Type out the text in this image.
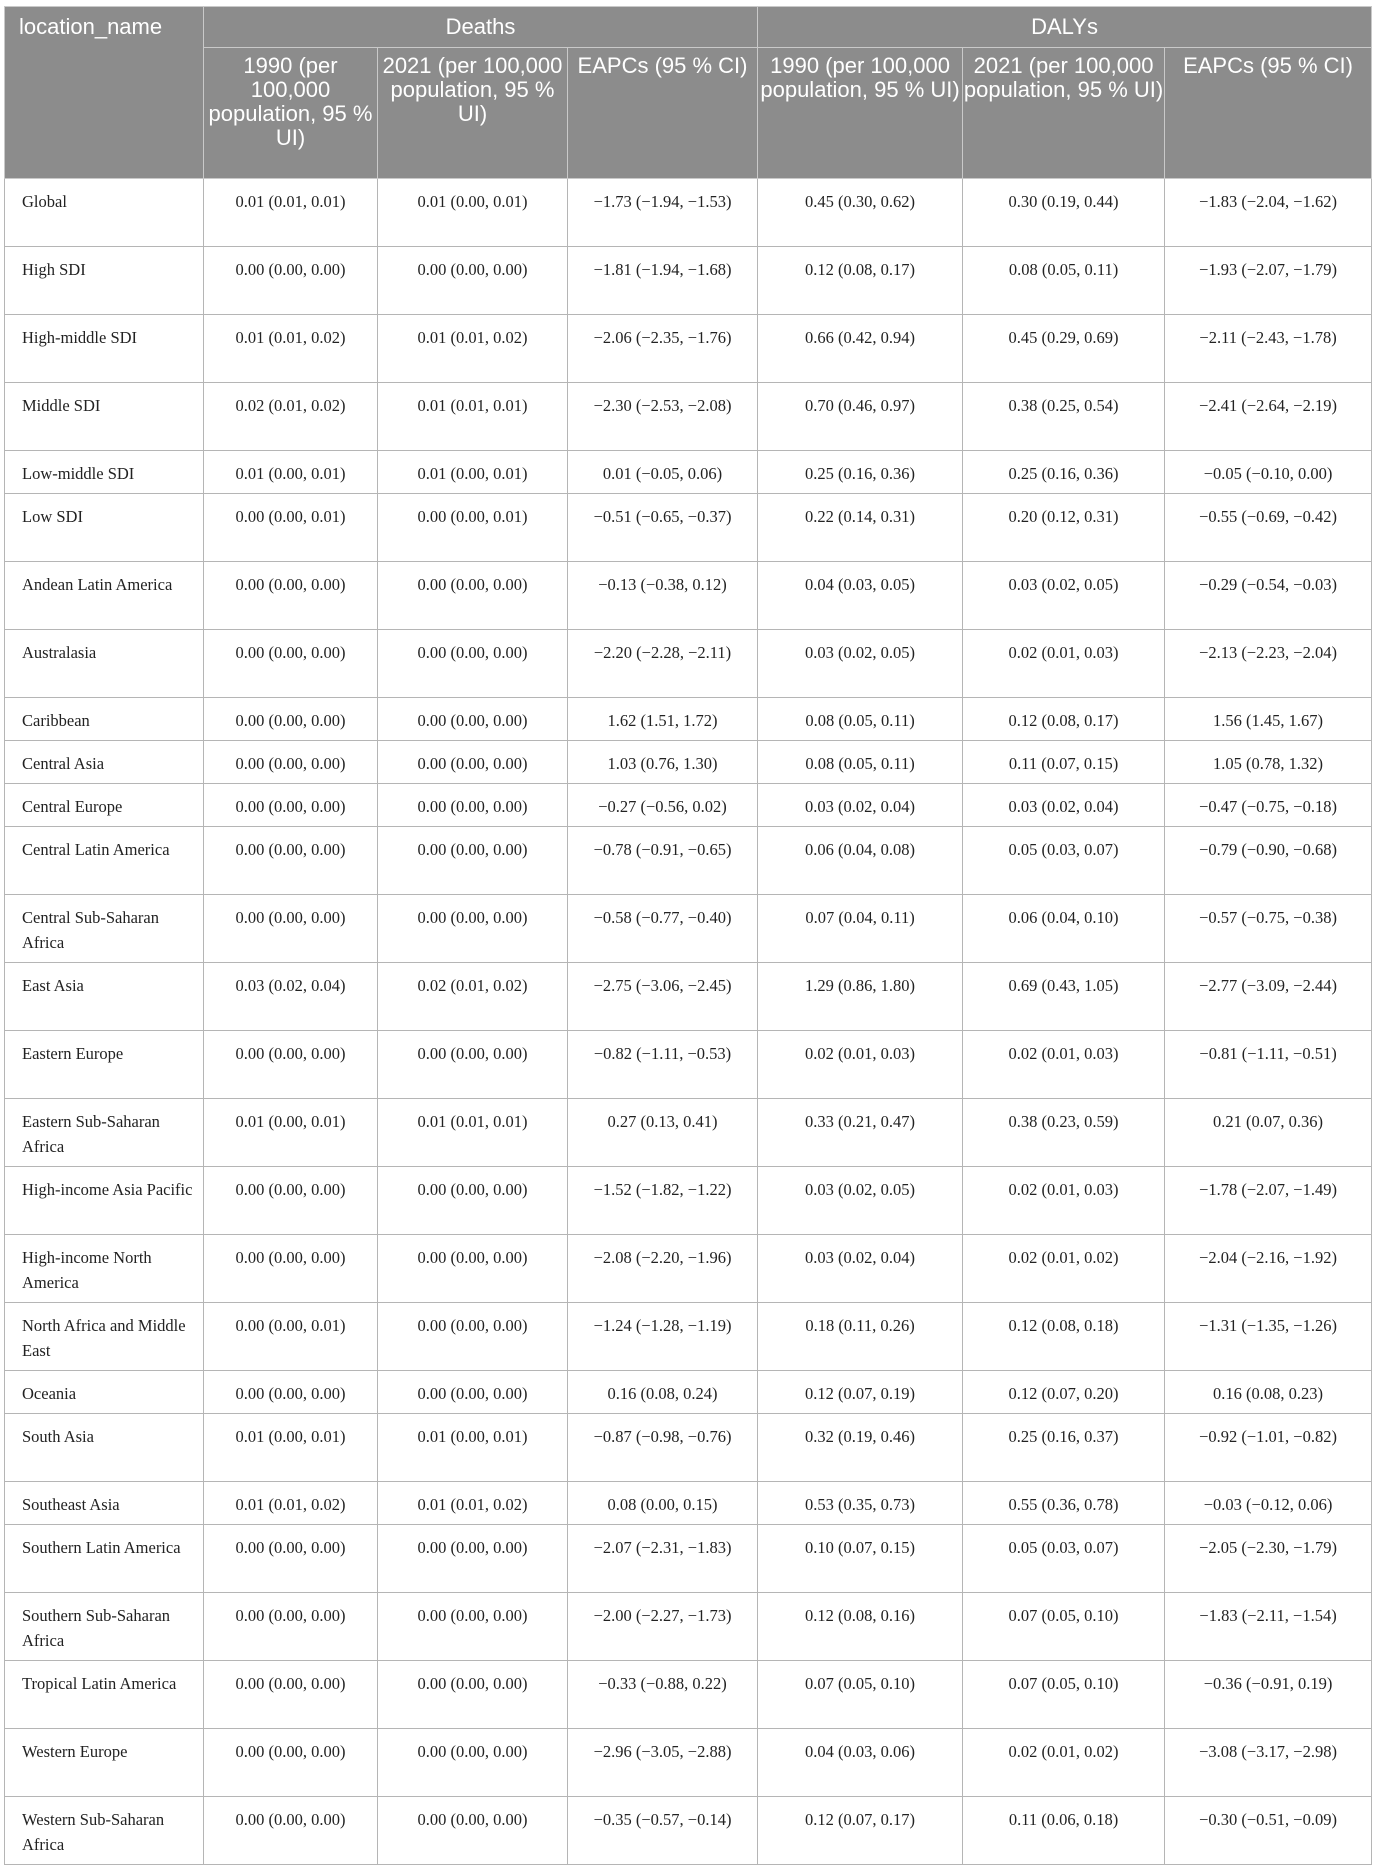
location_name	Deaths			DALYs		
	1990 (per 100,000 population, 95 % UI)	2021 (per 100,000 population, 95 % UI)	EAPCs (95 % CI)	1990 (per 100,000 population, 95 % UI)	2021 (per 100,000 population, 95 % UI)	EAPCs (95 % CI)
Global	0.01 (0.01, 0.01)	0.01 (0.00, 0.01)	−1.73 (−1.94, −1.53)	0.45 (0.30, 0.62)	0.30 (0.19, 0.44)	−1.83 (−2.04, −1.62)
High SDI	0.00 (0.00, 0.00)	0.00 (0.00, 0.00)	−1.81 (−1.94, −1.68)	0.12 (0.08, 0.17)	0.08 (0.05, 0.11)	−1.93 (−2.07, −1.79)
High-middle SDI	0.01 (0.01, 0.02)	0.01 (0.01, 0.02)	−2.06 (−2.35, −1.76)	0.66 (0.42, 0.94)	0.45 (0.29, 0.69)	−2.11 (−2.43, −1.78)
Middle SDI	0.02 (0.01, 0.02)	0.01 (0.01, 0.01)	−2.30 (−2.53, −2.08)	0.70 (0.46, 0.97)	0.38 (0.25, 0.54)	−2.41 (−2.64, −2.19)
Low-middle SDI	0.01 (0.00, 0.01)	0.01 (0.00, 0.01)	0.01 (−0.05, 0.06)	0.25 (0.16, 0.36)	0.25 (0.16, 0.36)	−0.05 (−0.10, 0.00)
Low SDI	0.00 (0.00, 0.01)	0.00 (0.00, 0.01)	−0.51 (−0.65, −0.37)	0.22 (0.14, 0.31)	0.20 (0.12, 0.31)	−0.55 (−0.69, −0.42)
Andean Latin America	0.00 (0.00, 0.00)	0.00 (0.00, 0.00)	−0.13 (−0.38, 0.12)	0.04 (0.03, 0.05)	0.03 (0.02, 0.05)	−0.29 (−0.54, −0.03)
Australasia	0.00 (0.00, 0.00)	0.00 (0.00, 0.00)	−2.20 (−2.28, −2.11)	0.03 (0.02, 0.05)	0.02 (0.01, 0.03)	−2.13 (−2.23, −2.04)
Caribbean	0.00 (0.00, 0.00)	0.00 (0.00, 0.00)	1.62 (1.51, 1.72)	0.08 (0.05, 0.11)	0.12 (0.08, 0.17)	1.56 (1.45, 1.67)
Central Asia	0.00 (0.00, 0.00)	0.00 (0.00, 0.00)	1.03 (0.76, 1.30)	0.08 (0.05, 0.11)	0.11 (0.07, 0.15)	1.05 (0.78, 1.32)
Central Europe	0.00 (0.00, 0.00)	0.00 (0.00, 0.00)	−0.27 (−0.56, 0.02)	0.03 (0.02, 0.04)	0.03 (0.02, 0.04)	−0.47 (−0.75, −0.18)
Central Latin America	0.00 (0.00, 0.00)	0.00 (0.00, 0.00)	−0.78 (−0.91, −0.65)	0.06 (0.04, 0.08)	0.05 (0.03, 0.07)	−0.79 (−0.90, −0.68)
Central Sub-Saharan Africa	0.00 (0.00, 0.00)	0.00 (0.00, 0.00)	−0.58 (−0.77, −0.40)	0.07 (0.04, 0.11)	0.06 (0.04, 0.10)	−0.57 (−0.75, −0.38)
East Asia	0.03 (0.02, 0.04)	0.02 (0.01, 0.02)	−2.75 (−3.06, −2.45)	1.29 (0.86, 1.80)	0.69 (0.43, 1.05)	−2.77 (−3.09, −2.44)
Eastern Europe	0.00 (0.00, 0.00)	0.00 (0.00, 0.00)	−0.82 (−1.11, −0.53)	0.02 (0.01, 0.03)	0.02 (0.01, 0.03)	−0.81 (−1.11, −0.51)
Eastern Sub-Saharan Africa	0.01 (0.00, 0.01)	0.01 (0.01, 0.01)	0.27 (0.13, 0.41)	0.33 (0.21, 0.47)	0.38 (0.23, 0.59)	0.21 (0.07, 0.36)
High-income Asia Pacific	0.00 (0.00, 0.00)	0.00 (0.00, 0.00)	−1.52 (−1.82, −1.22)	0.03 (0.02, 0.05)	0.02 (0.01, 0.03)	−1.78 (−2.07, −1.49)
High-income North America	0.00 (0.00, 0.00)	0.00 (0.00, 0.00)	−2.08 (−2.20, −1.96)	0.03 (0.02, 0.04)	0.02 (0.01, 0.02)	−2.04 (−2.16, −1.92)
North Africa and Middle East	0.00 (0.00, 0.01)	0.00 (0.00, 0.00)	−1.24 (−1.28, −1.19)	0.18 (0.11, 0.26)	0.12 (0.08, 0.18)	−1.31 (−1.35, −1.26)
Oceania	0.00 (0.00, 0.00)	0.00 (0.00, 0.00)	0.16 (0.08, 0.24)	0.12 (0.07, 0.19)	0.12 (0.07, 0.20)	0.16 (0.08, 0.23)
South Asia	0.01 (0.00, 0.01)	0.01 (0.00, 0.01)	−0.87 (−0.98, −0.76)	0.32 (0.19, 0.46)	0.25 (0.16, 0.37)	−0.92 (−1.01, −0.82)
Southeast Asia	0.01 (0.01, 0.02)	0.01 (0.01, 0.02)	0.08 (0.00, 0.15)	0.53 (0.35, 0.73)	0.55 (0.36, 0.78)	−0.03 (−0.12, 0.06)
Southern Latin America	0.00 (0.00, 0.00)	0.00 (0.00, 0.00)	−2.07 (−2.31, −1.83)	0.10 (0.07, 0.15)	0.05 (0.03, 0.07)	−2.05 (−2.30, −1.79)
Southern Sub-Saharan Africa	0.00 (0.00, 0.00)	0.00 (0.00, 0.00)	−2.00 (−2.27, −1.73)	0.12 (0.08, 0.16)	0.07 (0.05, 0.10)	−1.83 (−2.11, −1.54)
Tropical Latin America	0.00 (0.00, 0.00)	0.00 (0.00, 0.00)	−0.33 (−0.88, 0.22)	0.07 (0.05, 0.10)	0.07 (0.05, 0.10)	−0.36 (−0.91, 0.19)
Western Europe	0.00 (0.00, 0.00)	0.00 (0.00, 0.00)	−2.96 (−3.05, −2.88)	0.04 (0.03, 0.06)	0.02 (0.01, 0.02)	−3.08 (−3.17, −2.98)
Western Sub-Saharan Africa	0.00 (0.00, 0.00)	0.00 (0.00, 0.00)	−0.35 (−0.57, −0.14)	0.12 (0.07, 0.17)	0.11 (0.06, 0.18)	−0.30 (−0.51, −0.09)
